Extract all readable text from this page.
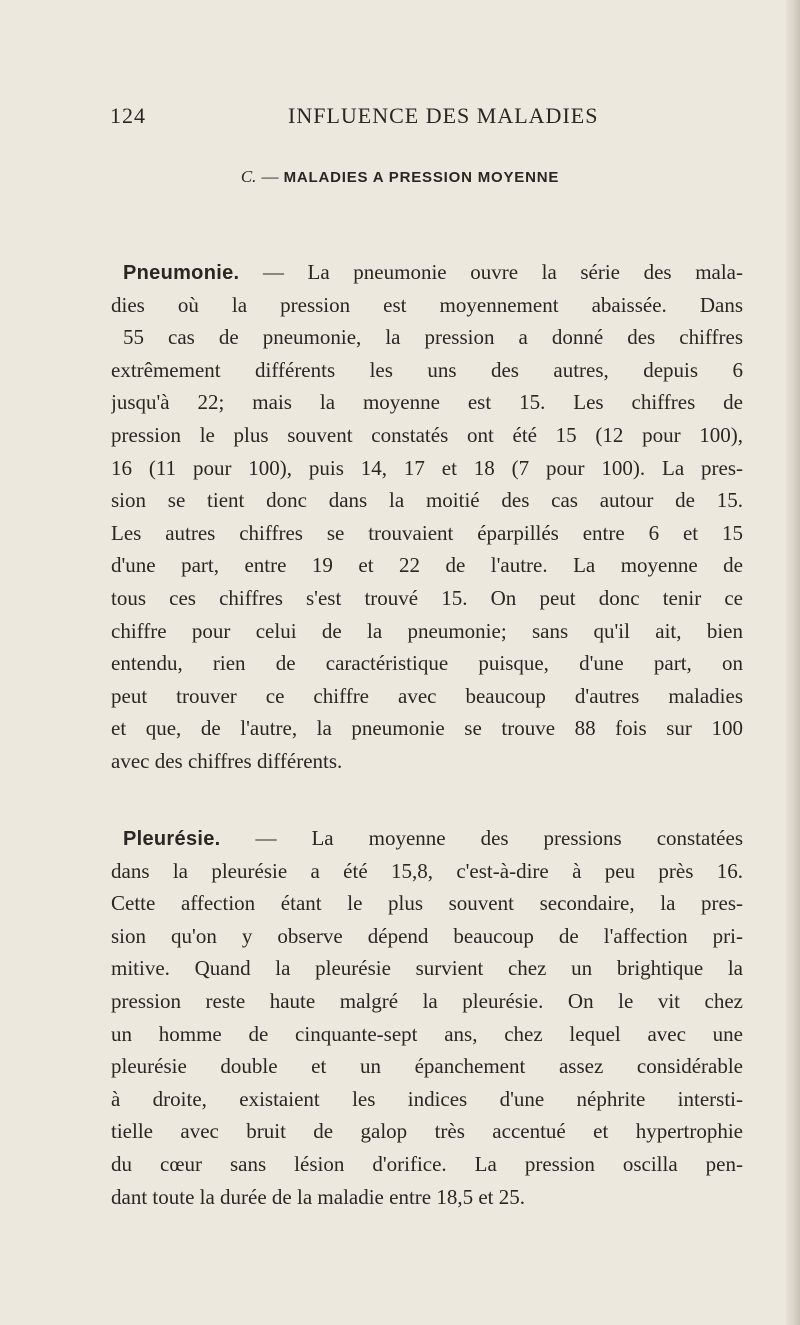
124	INFLUENCE DES MALADIES
C. — MALADIES A PRESSION MOYENNE
Pneumonie. — La pneumonie ouvre la série des mala-
dies où la pression est moyennement abaissée. Dans
55 cas de pneumonie, la pression a donné des chiffres
extrêmement différents les uns des autres, depuis 6
jusqu'à 22; mais la moyenne est 15. Les chiffres de
pression le plus souvent constatés ont été 15 (12 pour 100),
16 (11 pour 100), puis 14, 17 et 18 (7 pour 100). La pres-
sion se tient donc dans la moitié des cas autour de 15.
Les autres chiffres se trouvaient éparpillés entre 6 et 15
d'une part, entre 19 et 22 de l'autre. La moyenne de
tous ces chiffres s'est trouvé 15. On peut donc tenir ce
chiffre pour celui de la pneumonie; sans qu'il ait, bien
entendu, rien de caractéristique puisque, d'une part, on
peut trouver ce chiffre avec beaucoup d'autres maladies
et que, de l'autre, la pneumonie se trouve 88 fois sur 100
avec des chiffres différents.
Pleurésie. — La moyenne des pressions constatées
dans la pleurésie a été 15,8, c'est-à-dire à peu près 16.
Cette affection étant le plus souvent secondaire, la pres-
sion qu'on y observe dépend beaucoup de l'affection pri-
mitive. Quand la pleurésie survient chez un brightique la
pression reste haute malgré la pleurésie. On le vit chez
un homme de cinquante-sept ans, chez lequel avec une
pleurésie double et un épanchement assez considérable
à droite, existaient les indices d'une néphrite intersti-
tielle avec bruit de galop très accentué et hypertrophie
du cœur sans lésion d'orifice. La pression oscilla pen-
dant toute la durée de la maladie entre 18,5 et 25.
